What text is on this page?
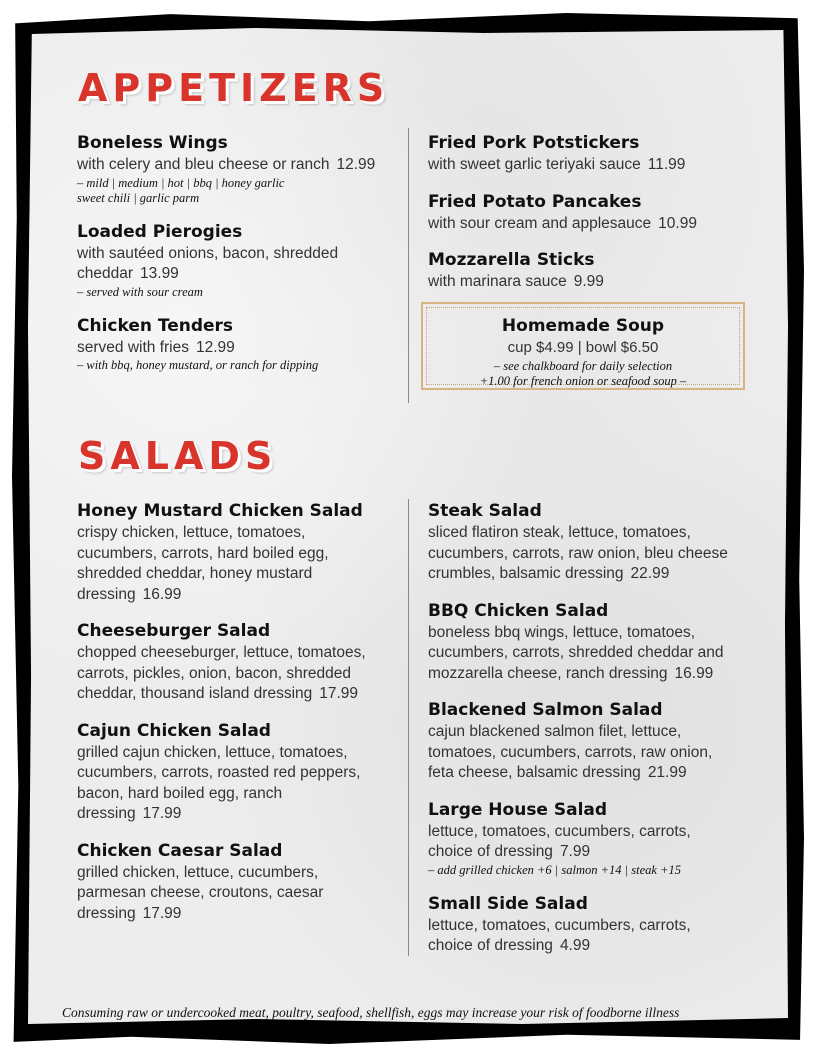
APPETIZERS
Boneless Wings
with celery and bleu cheese or ranch 12.99
– mild | medium | hot | bbq | honey garlic
sweet chili | garlic parm
Loaded Pierogies
with sautéed onions, bacon, shredded cheddar 13.99
– served with sour cream
Chicken Tenders
served with fries 12.99
– with bbq, honey mustard, or ranch for dipping
Fried Pork Potstickers
with sweet garlic teriyaki sauce 11.99
Fried Potato Pancakes
with sour cream and applesauce 10.99
Mozzarella Sticks
with marinara sauce 9.99
Homemade Soup
cup $4.99 | bowl $6.50
– see chalkboard for daily selection
+1.00 for french onion or seafood soup –
SALADS
Honey Mustard Chicken Salad
crispy chicken, lettuce, tomatoes, cucumbers, carrots, hard boiled egg, shredded cheddar, honey mustard dressing 16.99
Cheeseburger Salad
chopped cheeseburger, lettuce, tomatoes, carrots, pickles, onion, bacon, shredded cheddar, thousand island dressing 17.99
Cajun Chicken Salad
grilled cajun chicken, lettuce, tomatoes, cucumbers, carrots, roasted red peppers, bacon, hard boiled egg, ranch dressing 17.99
Chicken Caesar Salad
grilled chicken, lettuce, cucumbers, parmesan cheese, croutons, caesar dressing 17.99
Steak Salad
sliced flatiron steak, lettuce, tomatoes, cucumbers, carrots, raw onion, bleu cheese crumbles, balsamic dressing 22.99
BBQ Chicken Salad
boneless bbq wings, lettuce, tomatoes, cucumbers, carrots, shredded cheddar and mozzarella cheese, ranch dressing 16.99
Blackened Salmon Salad
cajun blackened salmon filet, lettuce, tomatoes, cucumbers, carrots, raw onion, feta cheese, balsamic dressing 21.99
Large House Salad
lettuce, tomatoes, cucumbers, carrots, choice of dressing 7.99
– add grilled chicken +6 | salmon +14 | steak +15
Small Side Salad
lettuce, tomatoes, cucumbers, carrots, choice of dressing 4.99
Consuming raw or undercooked meat, poultry, seafood, shellfish, eggs may increase your risk of foodborne illness
